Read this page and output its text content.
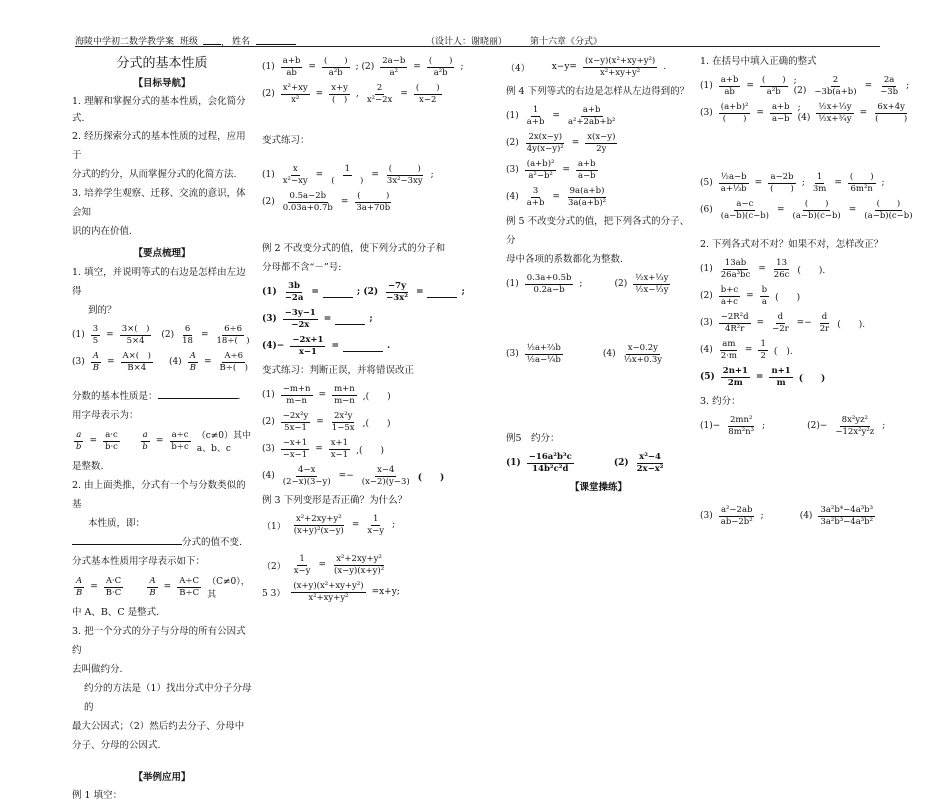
海陵中学初二数学教学案 班级	， 姓名	（设计人：谢晓丽）	第十六章《分式》
分式的基本性质
【目标导航】

1. 理解和掌握分式的基本性质，会化简分式.

2. 经历探索分式的基本性质的过程，应用于

分式的约分，从而掌握分式的化简方法.

3. 培养学生观察、迁移、交流的意识，体会知

识的内在价值.

【要点梳理】

1. 填空，并说明等式的右边是怎样由左边得

到的？

(1)
3
5
=
3×(　)
5×4
(2)
6
18
=
6÷6
18÷(　)
(3)
A
B
=
A×(　)
B×4
(4)
A
B
=
A÷6
B÷(　)

分数的基本性质是：	.

用字母表示为：

a
b
=
a·c
b·c
a
b
=
a÷c
b÷c
（c≠0）其中 a、b、c

是整数.

2. 由上面类推，分式有一个与分数类似的基

本性质，即：

分式的值不变.

分式基本性质用字母表示如下：

A
B
=
A·C
B·C
A
B
=
A÷C
B÷C
（C≠0），其

中 A、B、C 是整式.

3. 把一个分式的分子与分母的所有公因式约

去叫做约分.

约分的方法是（1）找出分式中分子分母的

最大公因式；（2）然后约去分子、分母中

分子、分母的公因式.

【举例应用】

例 1 填空：

(1)
a+b
ab
=
(　　)
a²b
; (2)
2a−b
a²
=
(　　)
a²b
;
(2)
x²+xy
x²
=
x+y
(　)
,
2
x²−2x
=
(　　)
x−2

变式练习：

(1)
x
x²−xy
=
1
(　　　)
=
(　　　)
3x²−3xy
;
(2)
0.5a−2b
0.03a+0.7b
=
(　　　)
3a+70b

例 2 不改变分式的值，使下列分式的分子和

分母都不含“－”号:

(1)
3b
−2a
=	; (2)
−7y
−3x²
=	;
(3)
−3y−1
−2x
=	;
(4)−
−2x+1
x−1
=	.

变式练习：判断正误，并将错误改正

(1)
−m+n
m−n
=
m+n
m−n ,(　　)
(2)
−2x²y
5x−1
=
2x²y
1−5x ,(　　)
(3)
−x+1
−x−1
=
x+1
x−1 ,(　　)
(4)
4−x
(2−x)(3−y)
=−
x−4
(x−2)(y−3) (　　)

例 3 下列变形是否正确？为什么？

（1）
x²+2xy+y²
(x+y)²(x−y)
=
1
x−y
;
（2）
1
x−y
=
x²+2xy+y²
(x−y)(x+y)²
5 3）
(x+y)(x²+xy+y²)
x²+xy+y²
=x+y;
（4） x−y=
(x−y)(x²+xy+y²)
x²+xy+y²
.

例 4 下列等式的右边是怎样从左边得到的？

(1)
1
a+b
=
a+b
a²+2ab+b²
(2)
2x(x−y)
4y(x−y)²
=
x(x−y)
2y
(3)
(a+b)²
a²−b²
=
a+b
a−b
(4)
3
a+b
=
9a(a+b)
3a(a+b)²

例 5 不改变分式的值，把下列各式的分子、分

母中各项的系数都化为整数.

(1)
0.3a+0.5b
0.2a−b
;	(2)
½x+⅓y
½x−⅓y
(3)
½a+⅔b
½a−¼b
(4)
x−0.2y
⅓x+0.3y

例5　约分：

(1)
−16a²b³c
14b²c²d
(2)
x²−4
2x−x²
【课堂操练】

1. 在括号中填入正确的整式

(1)
a+b
ab
=
(　　)
a²b
; (2)
2
−3b(a+b)
=
2a
−3b
;
(3)
(a+b)²
(　　)
=
a+b
a−b
; (4)
½x+⅓y
½x+¾y
=
6x+4y
(　　　)
(5)
½a−b
a+⅓b
=
a−2b
(　　)
;
1
3m
=
(　　)
6m²n
;
(6)
a−c
(a−b)(c−b)
=
(　　)
(a−b)(c−b)
=
(　　)
(a−b)(c−b)

2. 下列各式对不对？如果不对，怎样改正？

(1)
13ab
26a³bc
=
13
26c (　　).
(2)
b+c
a+c
=
b
a (　　)
(3)
−2R²d
4R²r
=
d
−2r
=−
d
2r (　　).
(4)
am
2·m
=
1
2 (　).
(5)
2n+1
2m
=
n+1
m (　　)

3. 约分：

(1)−
2mn²
8m²n³
;	(2)−
8x²yz²
−12x²y²z
;
(3)
a²−2ab
ab−2b²
;	(4)
3a²b⁴−4a³b³
3a²b³−4a³b²
